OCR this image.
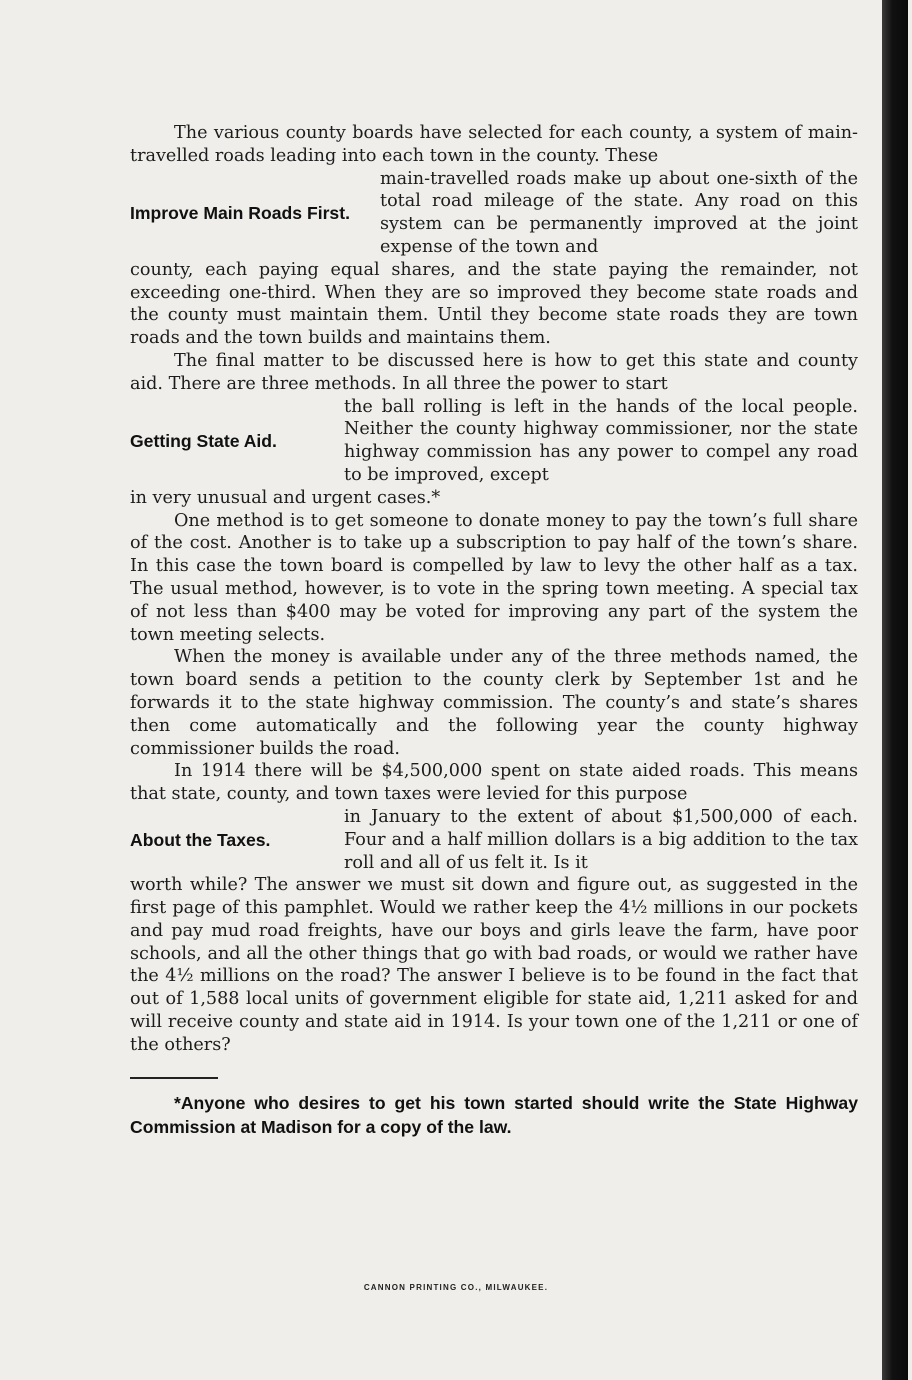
The various county boards have selected for each county, a system of main-travelled roads leading into each town in the county. These

Improve Main Roads First.
main-travelled roads make up about one-sixth of the total road mileage of the state. Any road on this system can be permanently improved at the joint expense of the town and

county, each paying equal shares, and the state paying the remainder, not exceeding one-third. When they are so improved they become state roads and the county must maintain them. Until they become state roads they are town roads and the town builds and maintains them.

The final matter to be discussed here is how to get this state and county aid. There are three methods. In all three the power to start

Getting State Aid.
the ball rolling is left in the hands of the local people. Neither the county highway commissioner, nor the state highway commission has any power to compel any road to be improved, except

in very unusual and urgent cases.*

One method is to get someone to donate money to pay the town’s full share of the cost. Another is to take up a subscription to pay half of the town’s share. In this case the town board is compelled by law to levy the other half as a tax. The usual method, however, is to vote in the spring town meeting. A special tax of not less than $400 may be voted for improving any part of the system the town meeting selects.

When the money is available under any of the three methods named, the town board sends a petition to the county clerk by September 1st and he forwards it to the state highway commission. The county’s and state’s shares then come automatically and the following year the county highway commissioner builds the road.

In 1914 there will be $4,500,000 spent on state aided roads. This means that state, county, and town taxes were levied for this purpose

About the Taxes.
in January to the extent of about $1,500,000 of each. Four and a half million dollars is a big addition to the tax roll and all of us felt it. Is it

worth while? The answer we must sit down and figure out, as suggested in the first page of this pamphlet. Would we rather keep the 4½ millions in our pockets and pay mud road freights, have our boys and girls leave the farm, have poor schools, and all the other things that go with bad roads, or would we rather have the 4½ millions on the road? The answer I believe is to be found in the fact that out of 1,588 local units of government eligible for state aid, 1,211 asked for and will receive county and state aid in 1914. Is your town one of the 1,211 or one of the others?

*Anyone who desires to get his town started should write the State Highway Commission at Madison for a copy of the law.

CANNON PRINTING CO., MILWAUKEE.
